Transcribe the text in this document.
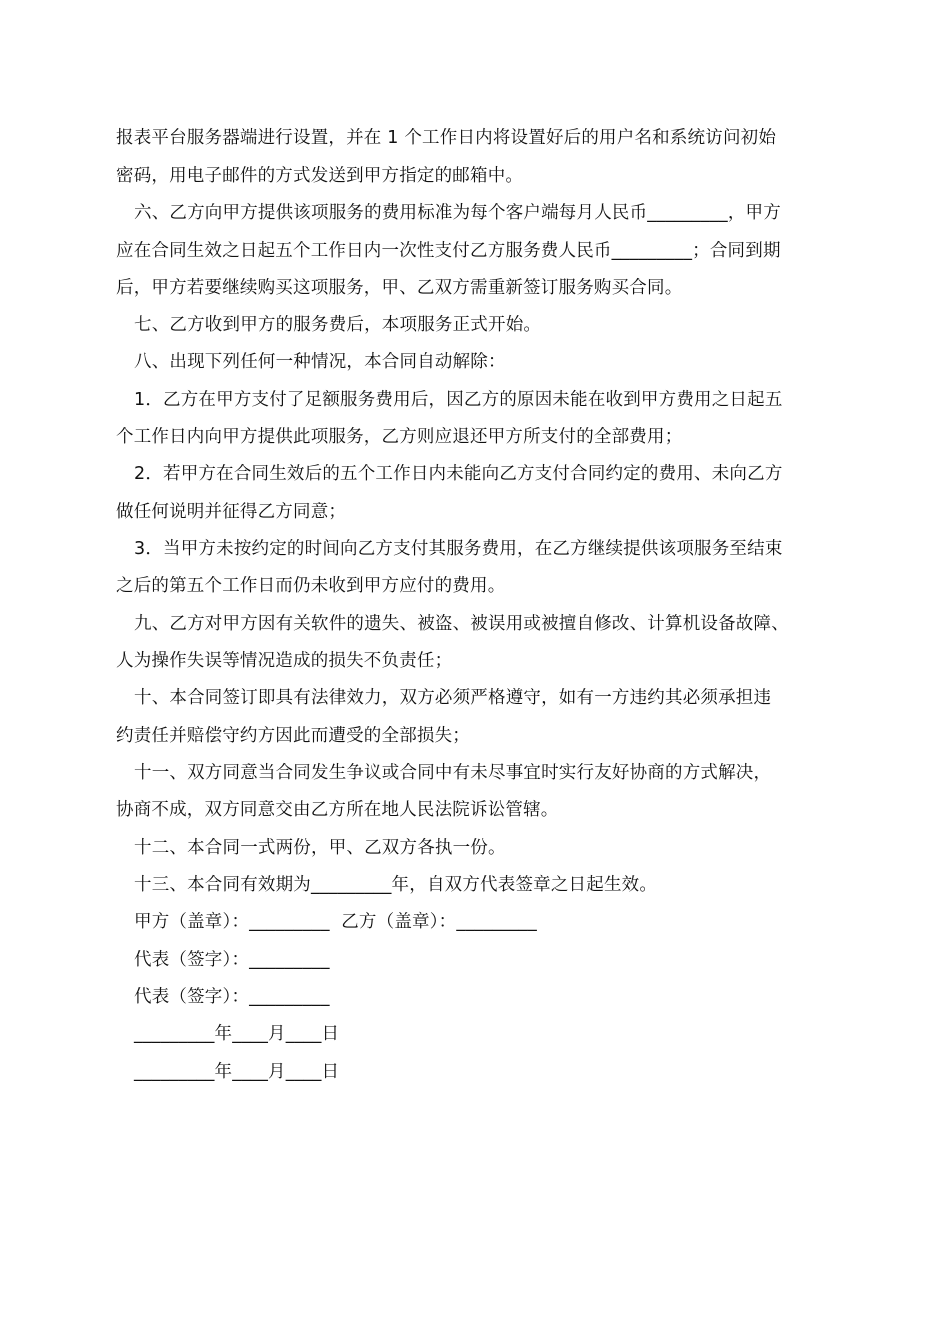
报表平台服务器端进行设置，并在 1 个工作日内将设置好后的用户名和系统访问初始
密码，用电子邮件的方式发送到甲方指定的邮箱中。
六、乙方向甲方提供该项服务的费用标准为每个客户端每月人民币_________，甲方
应在合同生效之日起五个工作日内一次性支付乙方服务费人民币_________；合同到期
后，甲方若要继续购买这项服务，甲、乙双方需重新签订服务购买合同。
七、乙方收到甲方的服务费后，本项服务正式开始。
八、出现下列任何一种情况，本合同自动解除：
1．乙方在甲方支付了足额服务费用后，因乙方的原因未能在收到甲方费用之日起五
个工作日内向甲方提供此项服务，乙方则应退还甲方所支付的全部费用；
2．若甲方在合同生效后的五个工作日内未能向乙方支付合同约定的费用、未向乙方
做任何说明并征得乙方同意；
3．当甲方未按约定的时间向乙方支付其服务费用，在乙方继续提供该项服务至结束
之后的第五个工作日而仍未收到甲方应付的费用。
九、乙方对甲方因有关软件的遗失、被盗、被误用或被擅自修改、计算机设备故障、
人为操作失误等情况造成的损失不负责任；
十、本合同签订即具有法律效力，双方必须严格遵守，如有一方违约其必须承担违
约责任并赔偿守约方因此而遭受的全部损失；
十一、双方同意当合同发生争议或合同中有未尽事宜时实行友好协商的方式解决，
协商不成，双方同意交由乙方所在地人民法院诉讼管辖。
十二、本合同一式两份，甲、乙双方各执一份。
十三、本合同有效期为_________年，自双方代表签章之日起生效。
甲方（盖章）：_________  乙方（盖章）：_________
代表（签字）：_________
代表（签字）：_________
_________年____月____日
_________年____月____日
